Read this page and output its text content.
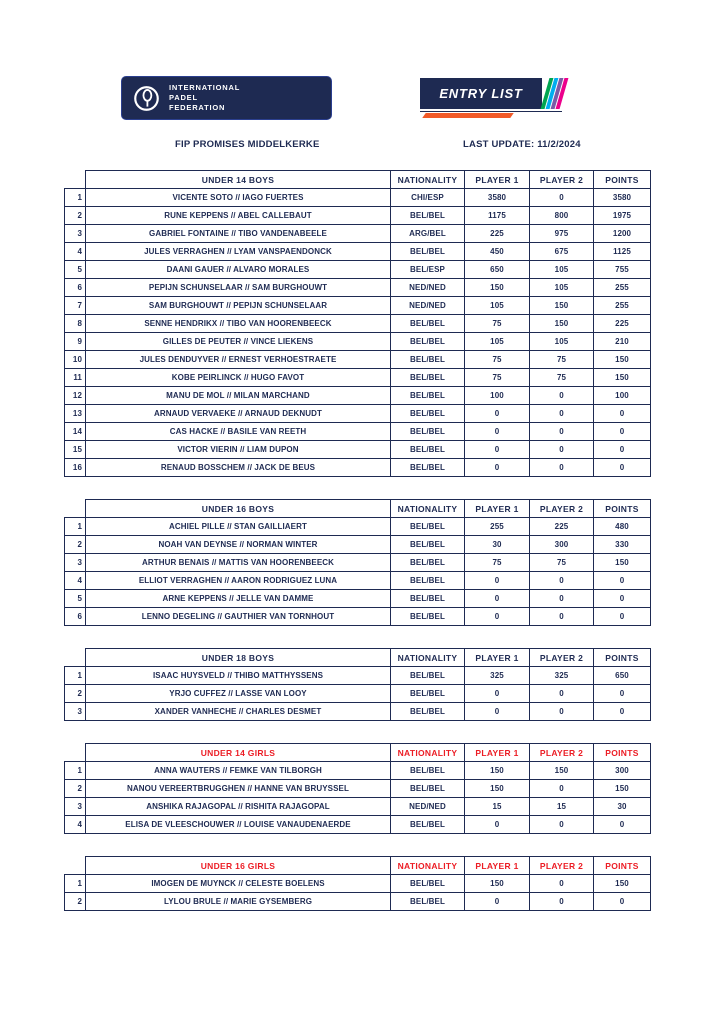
INTERNATIONAL
PADEL
FEDERATION
ENTRY LIST
FIP PROMISES MIDDELKERKE	LAST UPDATE: 11/2/2024
	UNDER 14 BOYS	NATIONALITY	PLAYER 1	PLAYER 2	POINTS
1	VICENTE SOTO // IAGO FUERTES	CHI/ESP	3580	0	3580
2	RUNE KEPPENS // ABEL CALLEBAUT	BEL/BEL	1175	800	1975
3	GABRIEL FONTAINE // TIBO VANDENABEELE	ARG/BEL	225	975	1200
4	JULES VERRAGHEN // LYAM VANSPAENDONCK	BEL/BEL	450	675	1125
5	DAANI GAUER // ALVARO MORALES	BEL/ESP	650	105	755
6	PEPIJN SCHUNSELAAR // SAM BURGHOUWT	NED/NED	150	105	255
7	SAM BURGHOUWT // PEPIJN SCHUNSELAAR	NED/NED	105	150	255
8	SENNE HENDRIKX // TIBO VAN HOORENBEECK	BEL/BEL	75	150	225
9	GILLES DE PEUTER // VINCE LIEKENS	BEL/BEL	105	105	210
10	JULES DENDUYVER // ERNEST VERHOESTRAETE	BEL/BEL	75	75	150
11	KOBE PEIRLINCK // HUGO FAVOT	BEL/BEL	75	75	150
12	MANU DE MOL // MILAN MARCHAND	BEL/BEL	100	0	100
13	ARNAUD VERVAEKE // ARNAUD DEKNUDT	BEL/BEL	0	0	0
14	CAS HACKE // BASILE VAN REETH	BEL/BEL	0	0	0
15	VICTOR VIERIN // LIAM DUPON	BEL/BEL	0	0	0
16	RENAUD BOSSCHEM // JACK DE BEUS	BEL/BEL	0	0	0
	UNDER 16 BOYS	NATIONALITY	PLAYER 1	PLAYER 2	POINTS
1	ACHIEL PILLE // STAN GAILLIAERT	BEL/BEL	255	225	480
2	NOAH VAN DEYNSE // NORMAN WINTER	BEL/BEL	30	300	330
3	ARTHUR BENAIS // MATTIS VAN HOORENBEECK	BEL/BEL	75	75	150
4	ELLIOT VERRAGHEN // AARON RODRIGUEZ LUNA	BEL/BEL	0	0	0
5	ARNE KEPPENS // JELLE VAN DAMME	BEL/BEL	0	0	0
6	LENNO DEGELING // GAUTHIER VAN TORNHOUT	BEL/BEL	0	0	0
	UNDER 18 BOYS	NATIONALITY	PLAYER 1	PLAYER 2	POINTS
1	ISAAC HUYSVELD // THIBO MATTHYSSENS	BEL/BEL	325	325	650
2	YRJO CUFFEZ // LASSE VAN LOOY	BEL/BEL	0	0	0
3	XANDER VANHECHE // CHARLES DESMET	BEL/BEL	0	0	0
	UNDER 14 GIRLS	NATIONALITY	PLAYER 1	PLAYER 2	POINTS
1	ANNA WAUTERS // FEMKE VAN TILBORGH	BEL/BEL	150	150	300
2	NANOU VEREERTBRUGGHEN // HANNE VAN BRUYSSEL	BEL/BEL	150	0	150
3	ANSHIKA RAJAGOPAL // RISHITA RAJAGOPAL	NED/NED	15	15	30
4	ELISA DE VLEESCHOUWER // LOUISE VANAUDENAERDE	BEL/BEL	0	0	0
	UNDER 16 GIRLS	NATIONALITY	PLAYER 1	PLAYER 2	POINTS
1	IMOGEN DE MUYNCK // CELESTE BOELENS	BEL/BEL	150	0	150
2	LYLOU BRULE // MARIE GYSEMBERG	BEL/BEL	0	0	0
